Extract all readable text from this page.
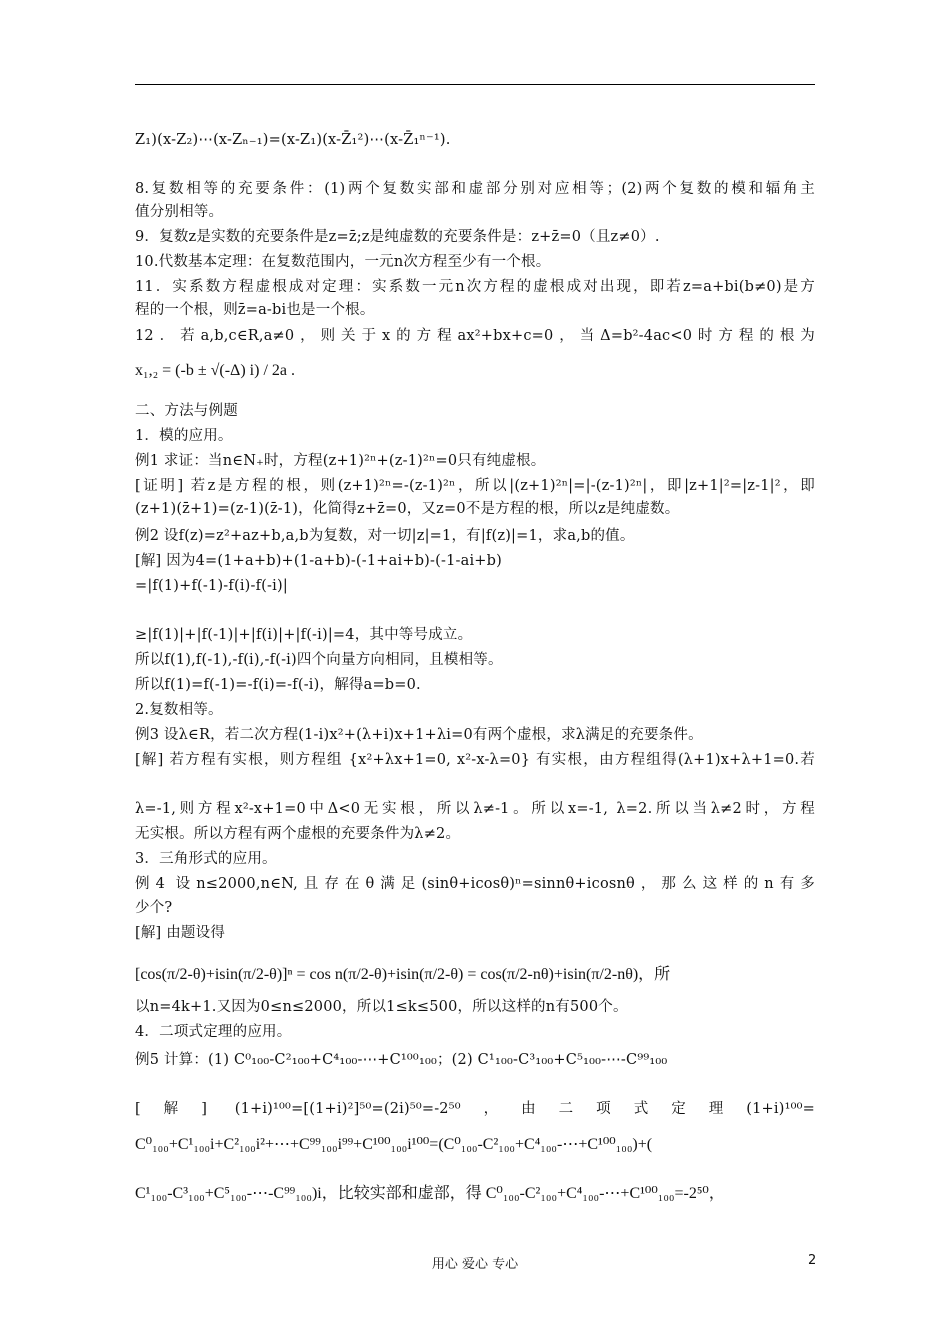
Z₁)(x-Z₂)⋯(x-Zₙ₋₁)=(x-Z₁)(x-Z̄₁²)⋯(x-Z̄₁ⁿ⁻¹).
8.复数相等的充要条件：(1)两个复数实部和虚部分别对应相等；(2)两个复数的模和辐角主
值分别相等。
9．复数z是实数的充要条件是z=z̄;z是纯虚数的充要条件是：z+z̄=0（且z≠0）.
10.代数基本定理：在复数范围内，一元n次方程至少有一个根。
11．实系数方程虚根成对定理：实系数一元n次方程的虚根成对出现，即若z=a+bi(b≠0)是方
程的一个根，则z̄=a-bi也是一个根。
12．若a,b,c∈R,a≠0，则关于x的方程ax²+bx+c=0，当Δ=b²-4ac<0时方程的根为
x₁,₂ = (-b ± √(-Δ) i) / 2a .
二、方法与例题
1．模的应用。
例1 求证：当n∈N₊时，方程(z+1)²ⁿ+(z-1)²ⁿ=0只有纯虚根。
[证明] 若z是方程的根，则(z+1)²ⁿ=-(z-1)²ⁿ，所以|(z+1)²ⁿ|=|-(z-1)²ⁿ|，即|z+1|²=|z-1|²，即
(z+1)(z̄+1)=(z-1)(z̄-1)，化简得z+z̄=0，又z=0不是方程的根，所以z是纯虚数。
例2 设f(z)=z²+az+b,a,b为复数，对一切|z|=1，有|f(z)|=1，求a,b的值。
[解] 因为4=(1+a+b)+(1-a+b)-(-1+ai+b)-(-1-ai+b)
=|f(1)+f(-1)-f(i)-f(-i)|
≥|f(1)|+|f(-1)|+|f(i)|+|f(-i)|=4，其中等号成立。
所以f(1),f(-1),-f(i),-f(-i)四个向量方向相同，且模相等。
所以f(1)=f(-1)=-f(i)=-f(-i)，解得a=b=0.
2.复数相等。
例3 设λ∈R，若二次方程(1-i)x²+(λ+i)x+1+λi=0有两个虚根，求λ满足的充要条件。
[解] 若方程有实根，则方程组 {x²+λx+1=0, x²-x-λ=0} 有实根，由方程组得(λ+1)x+λ+1=0.若
λ=-1,则方程x²-x+1=0中Δ<0无实根，所以λ≠-1。所以x=-1, λ=2.所以当λ≠2时，方程
无实根。所以方程有两个虚根的充要条件为λ≠2。
3．三角形式的应用。
例4 设n≤2000,n∈N,且存在θ满足(sinθ+icosθ)ⁿ=sinnθ+icosnθ，那么这样的n有多
少个?
[解] 由题设得
[cos(π/2-θ)+isin(π/2-θ)]ⁿ = cos n(π/2-θ)+isin(π/2-θ) = cos(π/2-nθ)+isin(π/2-nθ)，所
以n=4k+1.又因为0≤n≤2000，所以1≤k≤500，所以这样的n有500个。
4．二项式定理的应用。
例5 计算：(1) C⁰₁₀₀-C²₁₀₀+C⁴₁₀₀-⋯+C¹⁰⁰₁₀₀；(2) C¹₁₀₀-C³₁₀₀+C⁵₁₀₀-⋯-C⁹⁹₁₀₀
[解] (1+i)¹⁰⁰=[(1+i)²]⁵⁰=(2i)⁵⁰=-2⁵⁰，由二项式定理(1+i)¹⁰⁰=
C⁰₁₀₀+C¹₁₀₀i+C²₁₀₀i²+⋯+C⁹⁹₁₀₀i⁹⁹+C¹⁰⁰₁₀₀i¹⁰⁰=(C⁰₁₀₀-C²₁₀₀+C⁴₁₀₀-⋯+C¹⁰⁰₁₀₀)+(
C¹₁₀₀-C³₁₀₀+C⁵₁₀₀-⋯-C⁹⁹₁₀₀)i，比较实部和虚部，得 C⁰₁₀₀-C²₁₀₀+C⁴₁₀₀-⋯+C¹⁰⁰₁₀₀=-2⁵⁰，
用心 爱心 专心	2
